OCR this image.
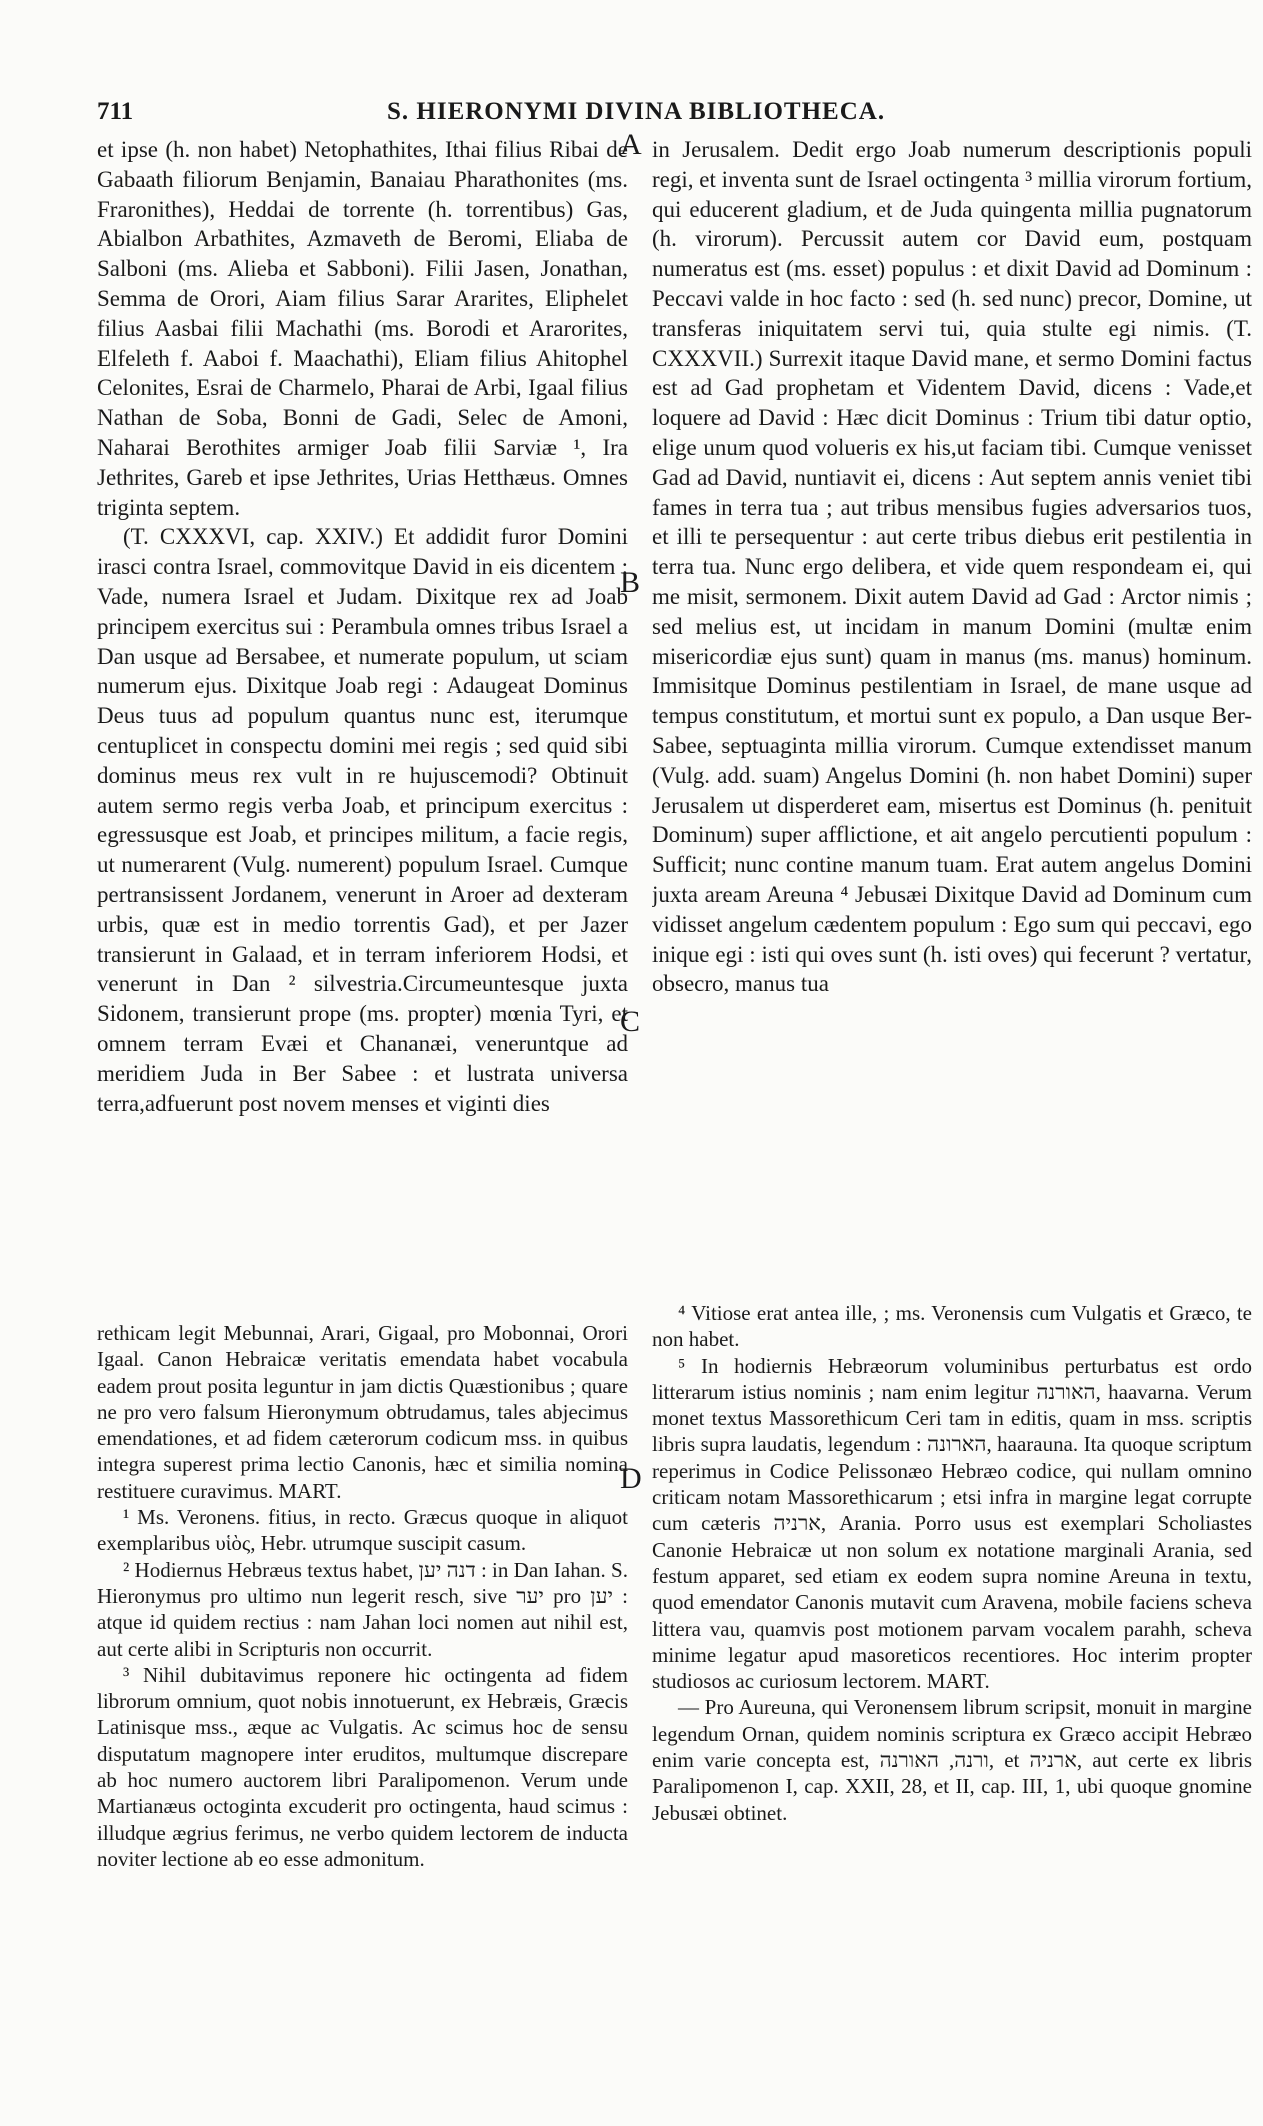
711	S. HIERONYMI DIVINA BIBLIOTHECA.

et ipse (h. non habet) Netophathites, Ithai filius Ribai de Gabaath filiorum Benjamin, Banaiau Pharathonites (ms. Fraronithes), Heddai de torrente (h. torrentibus) Gas, Abialbon Arbathites, Azmaveth de Beromi, Eliaba de Salboni (ms. Alieba et Sabboni). Filii Jasen, Jonathan, Semma de Orori, Aiam filius Sarar Ararites, Eliphelet filius Aasbai filii Machathi (ms. Borodi et Ararorites, Elfeleth f. Aaboi f. Maachathi), Eliam filius Ahitophel Celonites, Esrai de Charmelo, Pharai de Arbi, Igaal filius Nathan de Soba, Bonni de Gadi, Selec de Amoni, Naharai Berothites armiger Joab filii Sarviæ ¹, Ira Jethrites, Gareb et ipse Jethrites, Urias Hetthæus. Omnes triginta septem.

(T. CXXXVI, cap. XXIV.) Et addidit furor Domini irasci contra Israel, commovitque David in eis dicentem : Vade, numera Israel et Judam. Dixitque rex ad Joab principem exercitus sui : Perambula omnes tribus Israel a Dan usque ad Bersabee, et numerate populum, ut sciam numerum ejus. Dixitque Joab regi : Adaugeat Dominus Deus tuus ad populum quantus nunc est, iterumque centuplicet in conspectu domini mei regis ; sed quid sibi dominus meus rex vult in re hujuscemodi? Obtinuit autem sermo regis verba Joab, et principum exercitus : egressusque est Joab, et principes militum, a facie regis, ut numerarent (Vulg. numerent) populum Israel. Cumque pertransissent Jordanem, venerunt in Aroer ad dexteram urbis, quæ est in medio torrentis Gad), et per Jazer transierunt in Galaad, et in terram inferiorem Hodsi, et venerunt in Dan ² silvestria.Circumeuntesque juxta Sidonem, transierunt prope (ms. propter) mœnia Tyri, et omnem terram Evæi et Chananæi, veneruntque ad meridiem Juda in Ber Sabee : et lustrata universa terra,adfuerunt post novem menses et viginti dies

in Jerusalem. Dedit ergo Joab numerum descriptionis populi regi, et inventa sunt de Israel octingenta ³ millia virorum fortium, qui educerent gladium, et de Juda quingenta millia pugnatorum (h. virorum). Percussit autem cor David eum, postquam numeratus est (ms. esset) populus : et dixit David ad Dominum : Peccavi valde in hoc facto : sed (h. sed nunc) precor, Domine, ut transferas iniquitatem servi tui, quia stulte egi nimis. (T. CXXXVII.) Surrexit itaque David mane, et sermo Domini factus est ad Gad prophetam et Videntem David, dicens : Vade,et loquere ad David : Hæc dicit Dominus : Trium tibi datur optio, elige unum quod volueris ex his,ut faciam tibi. Cumque venisset Gad ad David, nuntiavit ei, dicens : Aut septem annis veniet tibi fames in terra tua ; aut tribus mensibus fugies adversarios tuos, et illi te persequentur : aut certe tribus diebus erit pestilentia in terra tua. Nunc ergo delibera, et vide quem respondeam ei, qui me misit, sermonem. Dixit autem David ad Gad : Arctor nimis ; sed melius est, ut incidam in manum Domini (multæ enim misericordiæ ejus sunt) quam in manus (ms. manus) hominum. Immisitque Dominus pestilentiam in Israel, de mane usque ad tempus constitutum, et mortui sunt ex populo, a Dan usque Ber-Sabee, septuaginta millia virorum. Cumque extendisset manum (Vulg. add. suam) Angelus Domini (h. non habet Domini) super Jerusalem ut disperderet eam, misertus est Dominus (h. penituit Dominum) super afflictione, et ait angelo percutienti populum : Sufficit; nunc contine manum tuam. Erat autem angelus Domini juxta aream Areuna ⁴ Jebusæi Dixitque David ad Dominum cum vidisset angelum cædentem populum : Ego sum qui peccavi, ego inique egi : isti qui oves sunt (h. isti oves) qui fecerunt ? vertatur, obsecro, manus tua

A
B
C
D

rethicam legit Mebunnai, Arari, Gigaal, pro Mobonnai, Orori Igaal. Canon Hebraicæ veritatis emendata habet vocabula eadem prout posita leguntur in jam dictis Quæstionibus ; quare ne pro vero falsum Hieronymum obtrudamus, tales abjecimus emendationes, et ad fidem cæterorum codicum mss. in quibus integra superest prima lectio Canonis, hæc et similia nomina restituere curavimus. MART.

¹ Ms. Veronens. fitius, in recto. Græcus quoque in aliquot exemplaribus υἱὸς, Hebr. utrumque suscipit casum.

² Hodiernus Hebræus textus habet, דנה יען : in Dan Iahan. S. Hieronymus pro ultimo nun legerit resch, sive יער pro יען : atque id quidem rectius : nam Jahan loci nomen aut nihil est, aut certe alibi in Scripturis non occurrit.

³ Nihil dubitavimus reponere hic octingenta ad fidem librorum omnium, quot nobis innotuerunt, ex Hebræis, Græcis Latinisque mss., æque ac Vulgatis. Ac scimus hoc de sensu disputatum magnopere inter eruditos, multumque discrepare ab hoc numero auctorem libri Paralipomenon. Verum unde Martianæus octoginta excuderit pro octingenta, haud scimus : illudque ægrius ferimus, ne verbo quidem lectorem de inducta noviter lectione ab eo esse admonitum.

⁴ Vitiose erat antea ille, ; ms. Veronensis cum Vulgatis et Græco, te non habet.

⁵ In hodiernis Hebræorum voluminibus perturbatus est ordo litterarum istius nominis ; nam enim legitur האורנה, haavarna. Verum monet textus Massorethicum Ceri tam in editis, quam in mss. scriptis libris supra laudatis, legendum : הארונה, haarauna. Ita quoque scriptum reperimus in Codice Pelissonæo Hebræo codice, qui nullam omnino criticam notam Massorethicarum ; etsi infra in margine legat corrupte cum cæteris ארניה, Arania. Porro usus est exemplari Scholiastes Canonie Hebraicæ ut non solum ex notatione marginali Arania, sed festum apparet, sed etiam ex eodem supra nomine Areuna in textu, quod emendator Canonis mutavit cum Aravena, mobile faciens scheva littera vau, quamvis post motionem parvam vocalem parahh, scheva minime legatur apud masoreticos recentiores. Hoc interim propter studiosos ac curiosum lectorem. MART.

— Pro Aureuna, qui Veronensem librum scripsit, monuit in margine legendum Ornan, quidem nominis scriptura ex Græco accipit Hebræo enim varie concepta est, ורנה, האורנה, et ארניה, aut certe ex libris Paralipomenon I, cap. XXII, 28, et II, cap. III, 1, ubi quoque gnomine Jebusæi obtinet.
